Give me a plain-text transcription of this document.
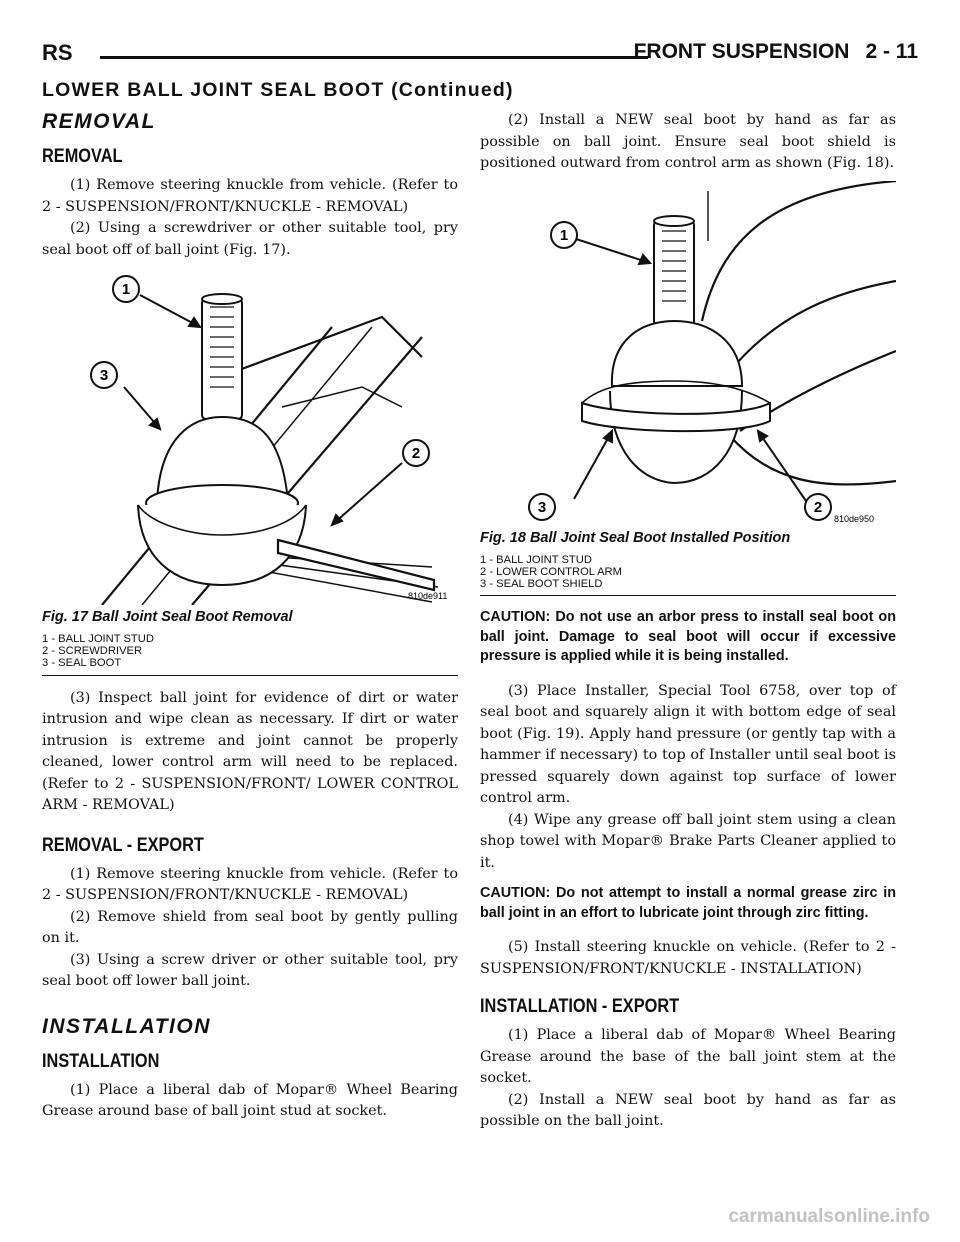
RS	FRONT SUSPENSION 2 - 11
LOWER BALL JOINT SEAL BOOT (Continued)
REMOVAL
REMOVAL

(1) Remove steering knuckle from vehicle. (Refer to 2 - SUSPENSION/FRONT/KNUCKLE - REMOVAL)

(2) Using a screwdriver or other suitable tool, pry seal boot off of ball joint (Fig. 17).

1
3
2
810de911
Fig. 17 Ball Joint Seal Boot Removal
1 - BALL JOINT STUD
2 - SCREWDRIVER
3 - SEAL BOOT

(3) Inspect ball joint for evidence of dirt or water intrusion and wipe clean as necessary. If dirt or water intrusion is extreme and joint cannot be properly cleaned, lower control arm will need to be replaced. (Refer to 2 - SUSPENSION/FRONT/ LOWER CONTROL ARM - REMOVAL)

REMOVAL - EXPORT

(1) Remove steering knuckle from vehicle. (Refer to 2 - SUSPENSION/FRONT/KNUCKLE - REMOVAL)

(2) Remove shield from seal boot by gently pulling on it.

(3) Using a screw driver or other suitable tool, pry seal boot off lower ball joint.

INSTALLATION
INSTALLATION

(1) Place a liberal dab of Mopar® Wheel Bearing Grease around base of ball joint stud at socket.

(2) Install a NEW seal boot by hand as far as possible on ball joint. Ensure seal boot shield is positioned outward from control arm as shown (Fig. 18).

1
3	2
810de950
Fig. 18 Ball Joint Seal Boot Installed Position
1 - BALL JOINT STUD
2 - LOWER CONTROL ARM
3 - SEAL BOOT SHIELD

CAUTION: Do not use an arbor press to install seal boot on ball joint. Damage to seal boot will occur if excessive pressure is applied while it is being installed.

(3) Place Installer, Special Tool 6758, over top of seal boot and squarely align it with bottom edge of seal boot (Fig. 19). Apply hand pressure (or gently tap with a hammer if necessary) to top of Installer until seal boot is pressed squarely down against top surface of lower control arm.

(4) Wipe any grease off ball joint stem using a clean shop towel with Mopar® Brake Parts Cleaner applied to it.

CAUTION: Do not attempt to install a normal grease zirc in ball joint in an effort to lubricate joint through zirc fitting.

(5) Install steering knuckle on vehicle. (Refer to 2 - SUSPENSION/FRONT/KNUCKLE - INSTALLATION)

INSTALLATION - EXPORT

(1) Place a liberal dab of Mopar® Wheel Bearing Grease around the base of the ball joint stem at the socket.

(2) Install a NEW seal boot by hand as far as possible on the ball joint.

carmanualsonline.info
